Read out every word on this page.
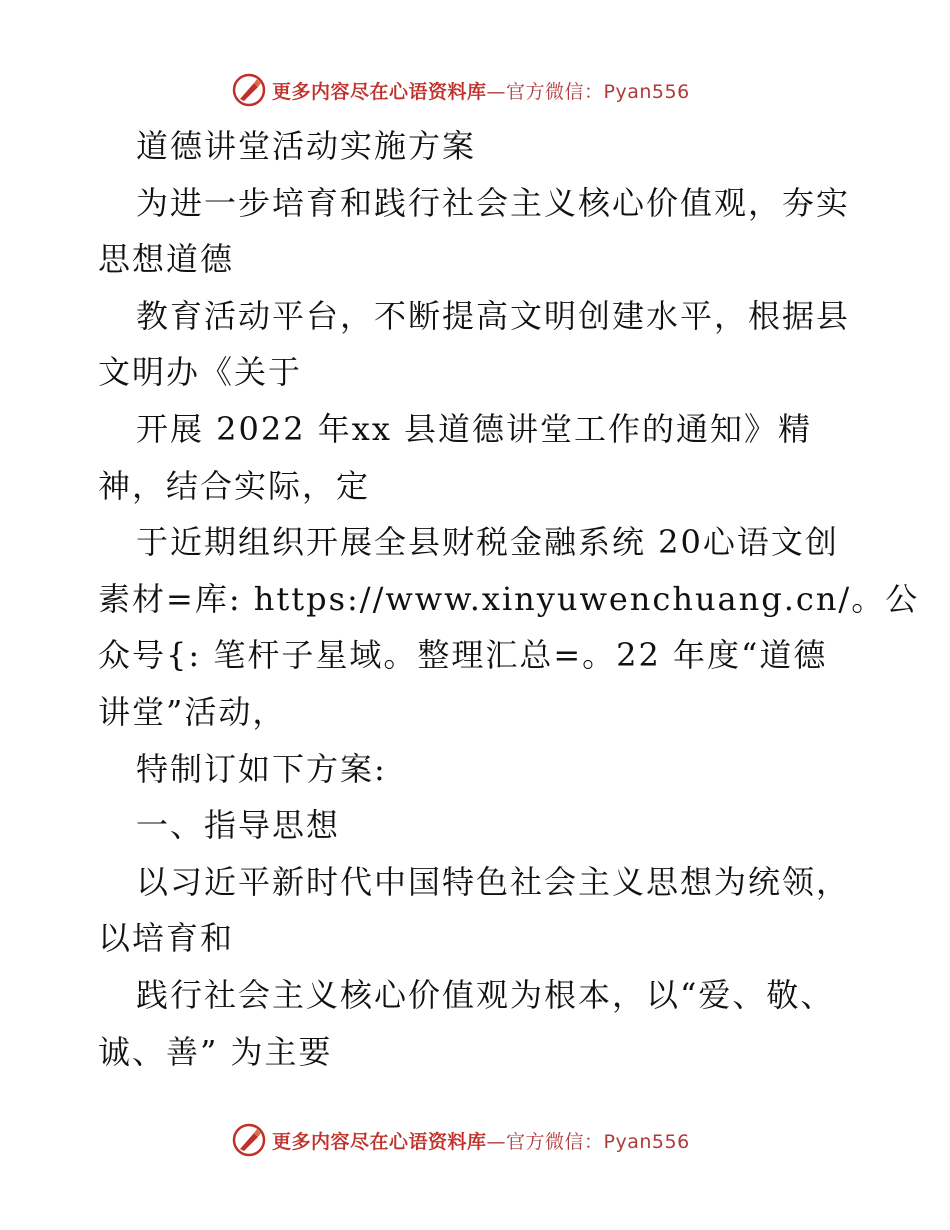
更多内容尽在心语资料库—官方微信：Pyan556
道德讲堂活动实施方案
为进一步培育和践行社会主义核心价值观，夯实
思想道德
教育活动平台，不断提高文明创建水平，根据县
文明办《关于
开展 2022 年xx 县道德讲堂工作的通知》精
神，结合实际，定
于近期组织开展全县财税金融系统 20心语文创
素材=库: https://www.xinyuwenchuang.cn/。公
众号{: 笔杆子星域。整理汇总=。22 年度“道德
讲堂”活动，
特制订如下方案:
一、指导思想
以习近平新时代中国特色社会主义思想为统领，
以培育和
践行社会主义核心价值观为根本，以“爱、敬、
诚、善” 为主要
更多内容尽在心语资料库—官方微信：Pyan556
